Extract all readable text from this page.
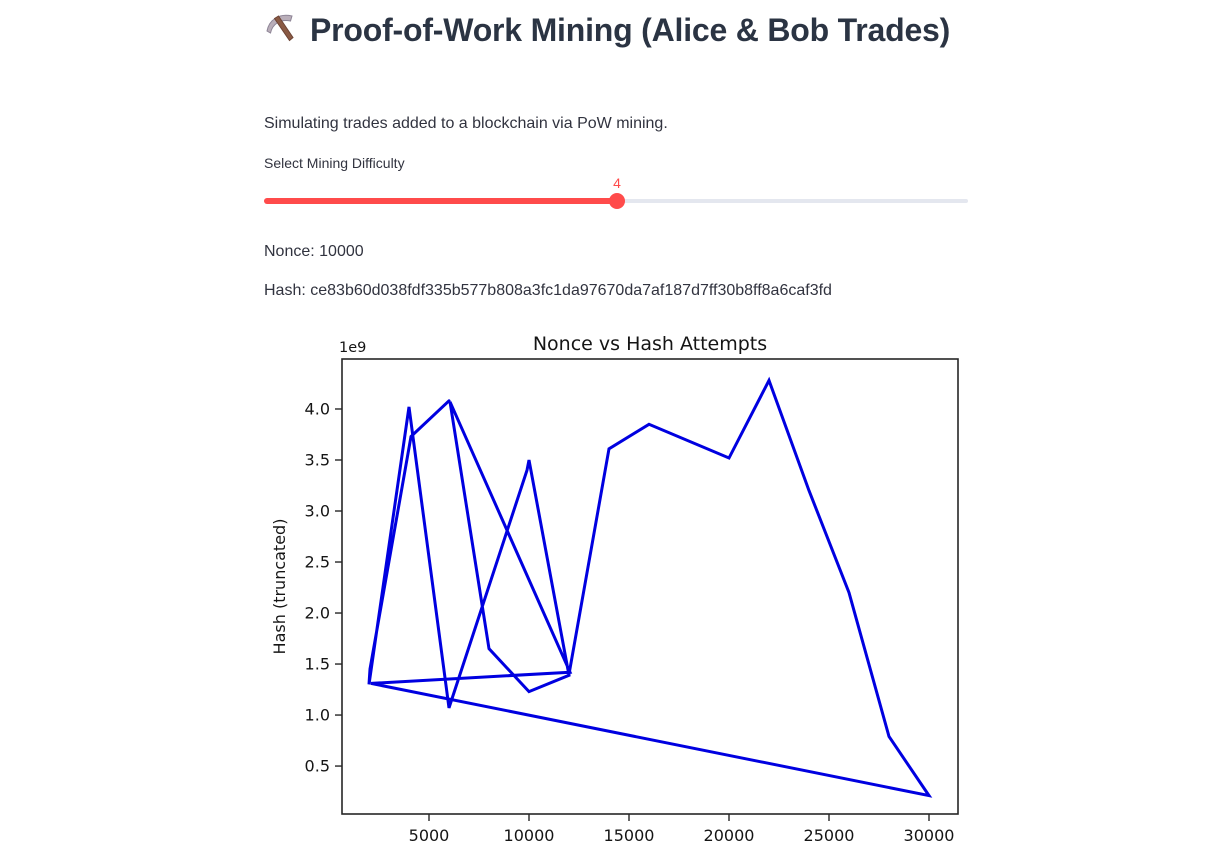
Proof-of-Work Mining (Alice & Bob Trades)

Simulating trades added to a blockchain via PoW mining.

Select Mining Difficulty

4

Nonce: 10000

Hash: ce83b60d038fdf335b577b808a3fc1da97670da7af187d7ff30b8ff8a6caf3fd

Nonce vs Hash Attempts
1e9
Hash (truncated)
5000	10000	15000	20000	25000	30000
0.5
1.0
1.5
2.0
2.5
3.0
3.5
4.0
